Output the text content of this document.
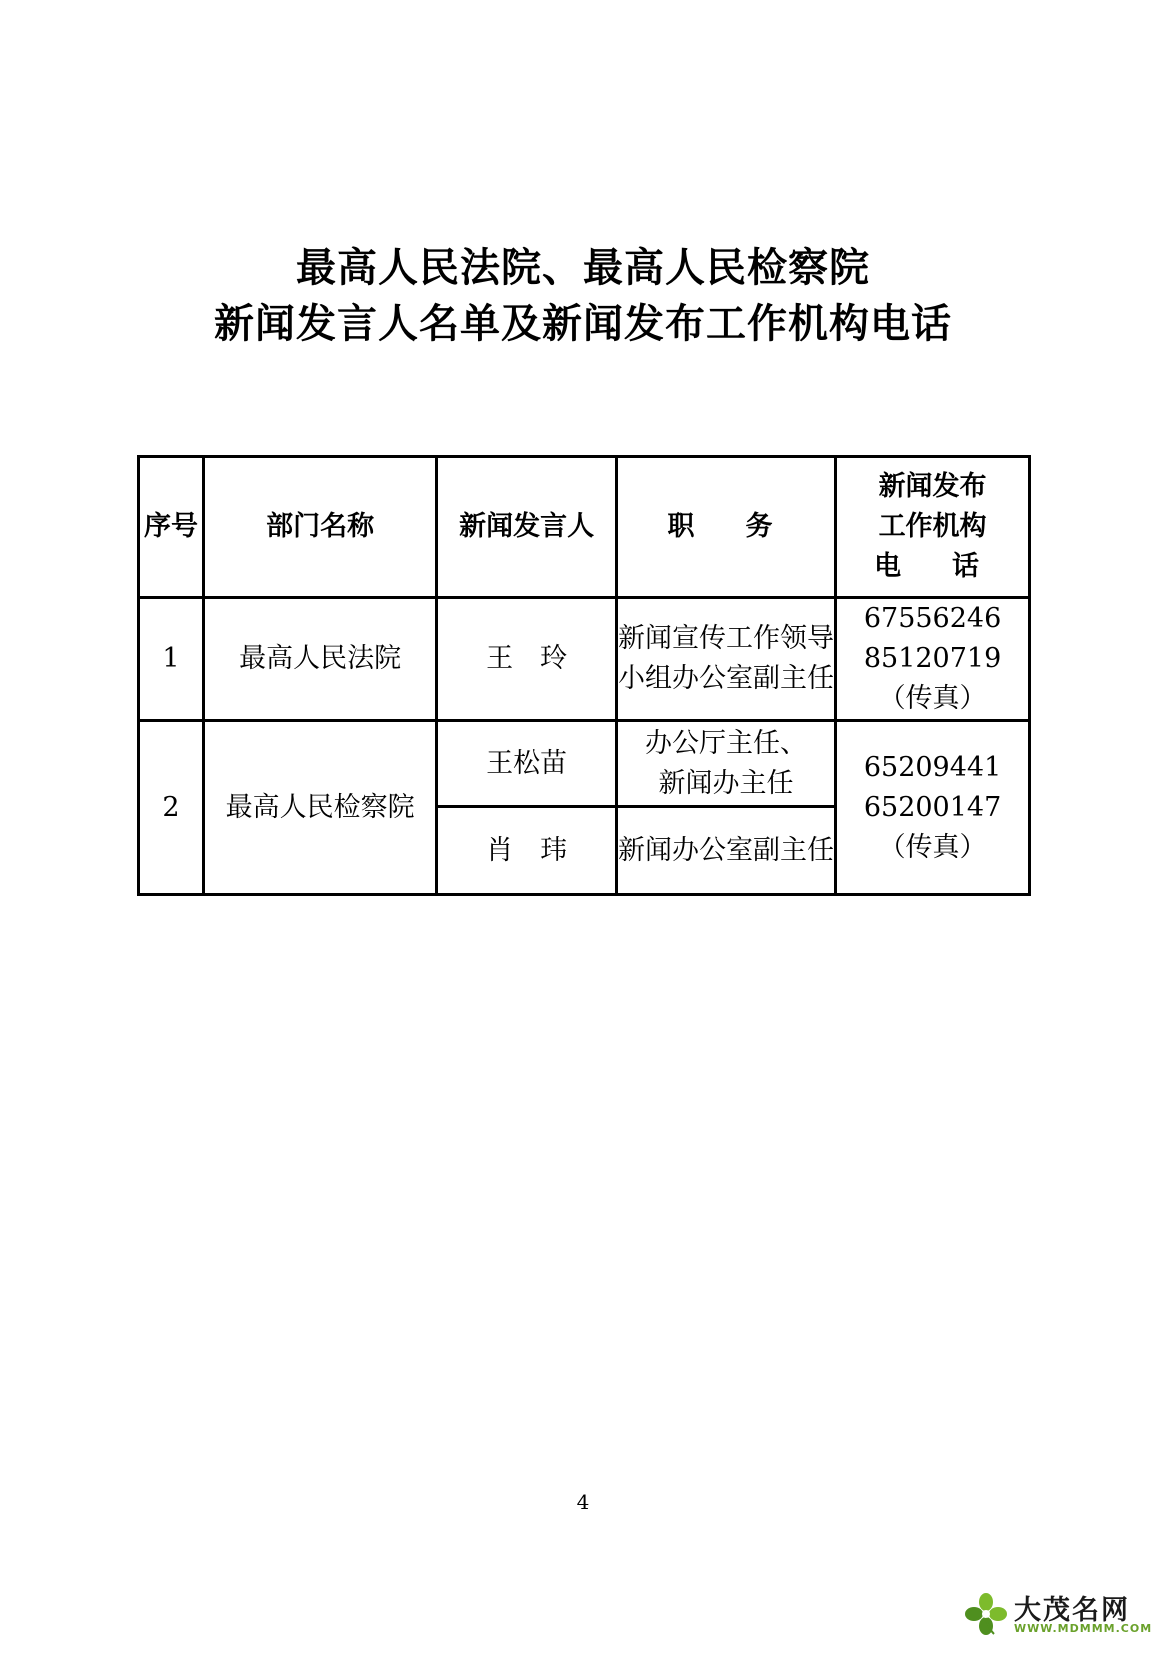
最高人民法院、最高人民检察院
新闻发言人名单及新闻发布工作机构电话
序号	部门名称	新闻发言人	职　务	新闻发布
工作机构
电　话

1	最高人民法院	王　玲	新闻宣传工作领导
小组办公室副主任	67556246
85120719
（传真）

2	最高人民检察院	王松苗	办公厅主任、
新闻办主任	65209441
65200147
（传真）

		肖　玮	新闻办公室副主任	
4
大茂名网
WWW.MDMMM.COM
